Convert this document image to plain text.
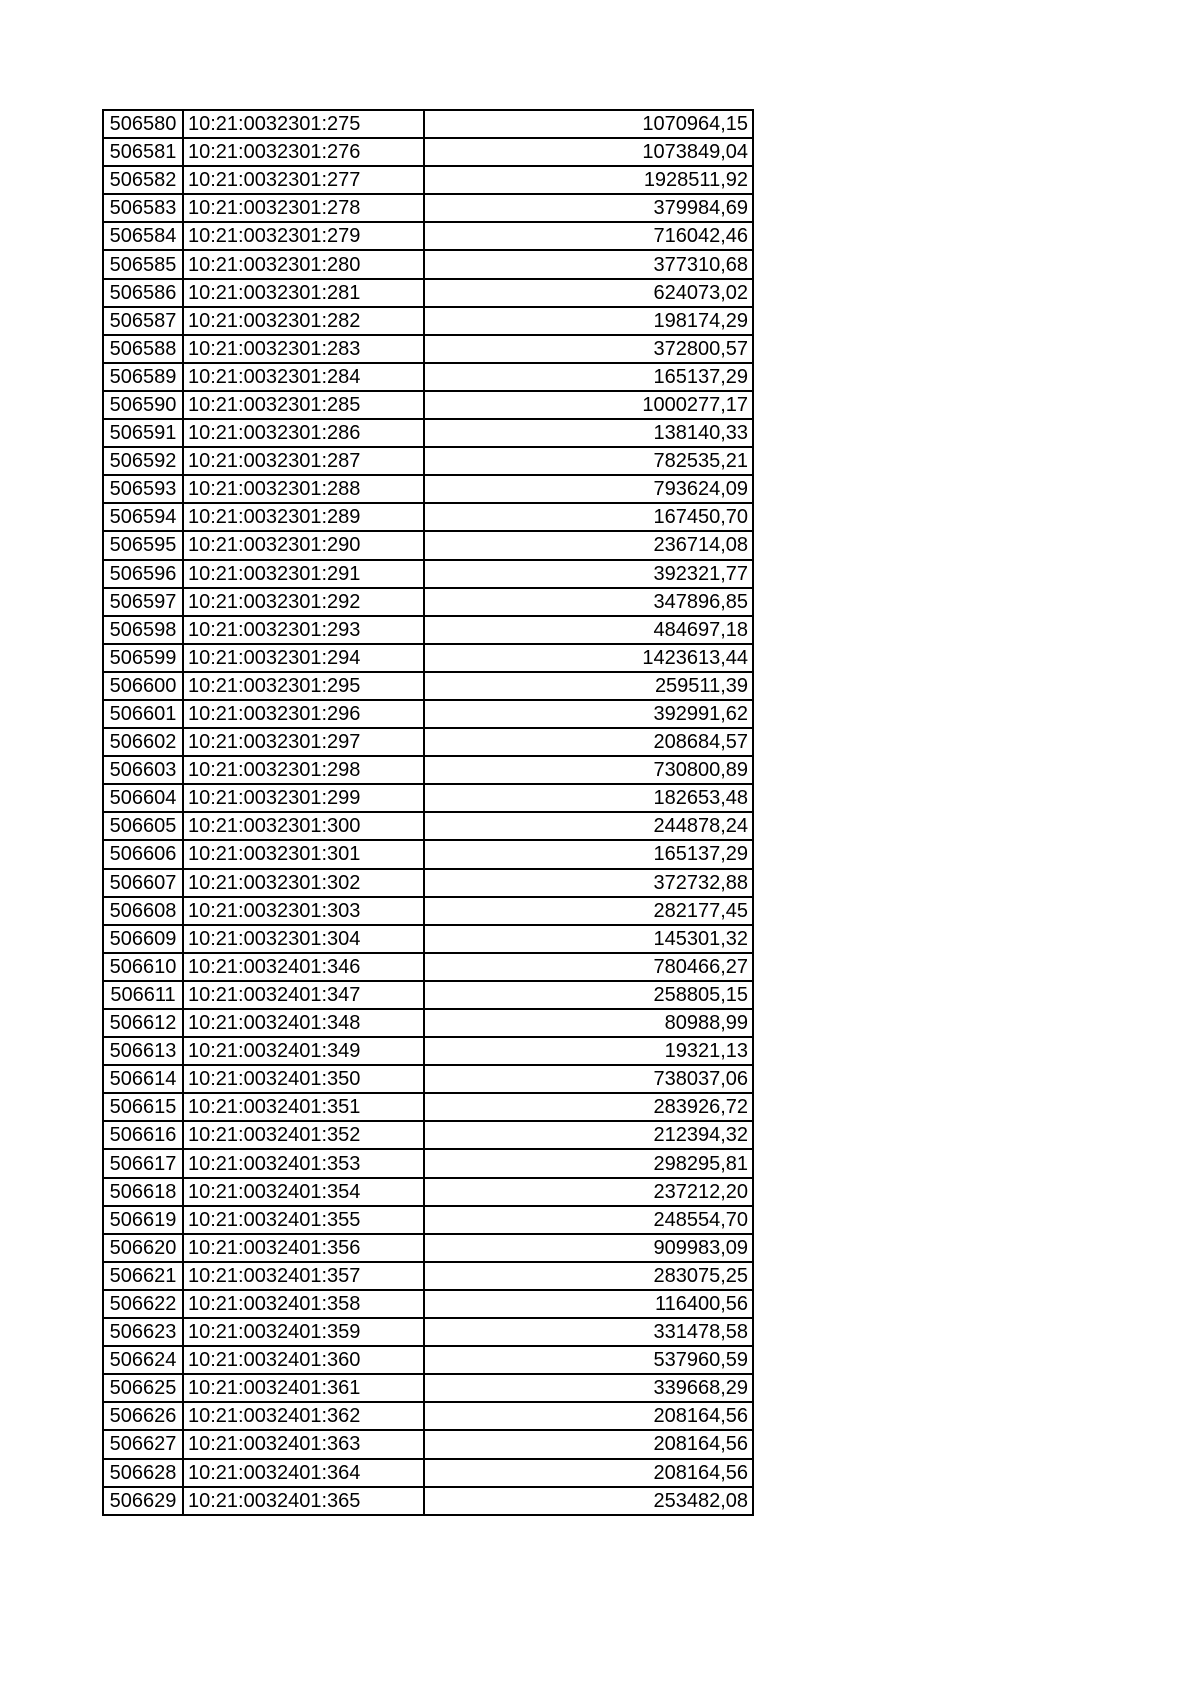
506580	10:21:0032301:275	1070964,15
506581	10:21:0032301:276	1073849,04
506582	10:21:0032301:277	1928511,92
506583	10:21:0032301:278	379984,69
506584	10:21:0032301:279	716042,46
506585	10:21:0032301:280	377310,68
506586	10:21:0032301:281	624073,02
506587	10:21:0032301:282	198174,29
506588	10:21:0032301:283	372800,57
506589	10:21:0032301:284	165137,29
506590	10:21:0032301:285	1000277,17
506591	10:21:0032301:286	138140,33
506592	10:21:0032301:287	782535,21
506593	10:21:0032301:288	793624,09
506594	10:21:0032301:289	167450,70
506595	10:21:0032301:290	236714,08
506596	10:21:0032301:291	392321,77
506597	10:21:0032301:292	347896,85
506598	10:21:0032301:293	484697,18
506599	10:21:0032301:294	1423613,44
506600	10:21:0032301:295	259511,39
506601	10:21:0032301:296	392991,62
506602	10:21:0032301:297	208684,57
506603	10:21:0032301:298	730800,89
506604	10:21:0032301:299	182653,48
506605	10:21:0032301:300	244878,24
506606	10:21:0032301:301	165137,29
506607	10:21:0032301:302	372732,88
506608	10:21:0032301:303	282177,45
506609	10:21:0032301:304	145301,32
506610	10:21:0032401:346	780466,27
506611	10:21:0032401:347	258805,15
506612	10:21:0032401:348	80988,99
506613	10:21:0032401:349	19321,13
506614	10:21:0032401:350	738037,06
506615	10:21:0032401:351	283926,72
506616	10:21:0032401:352	212394,32
506617	10:21:0032401:353	298295,81
506618	10:21:0032401:354	237212,20
506619	10:21:0032401:355	248554,70
506620	10:21:0032401:356	909983,09
506621	10:21:0032401:357	283075,25
506622	10:21:0032401:358	116400,56
506623	10:21:0032401:359	331478,58
506624	10:21:0032401:360	537960,59
506625	10:21:0032401:361	339668,29
506626	10:21:0032401:362	208164,56
506627	10:21:0032401:363	208164,56
506628	10:21:0032401:364	208164,56
506629	10:21:0032401:365	253482,08
